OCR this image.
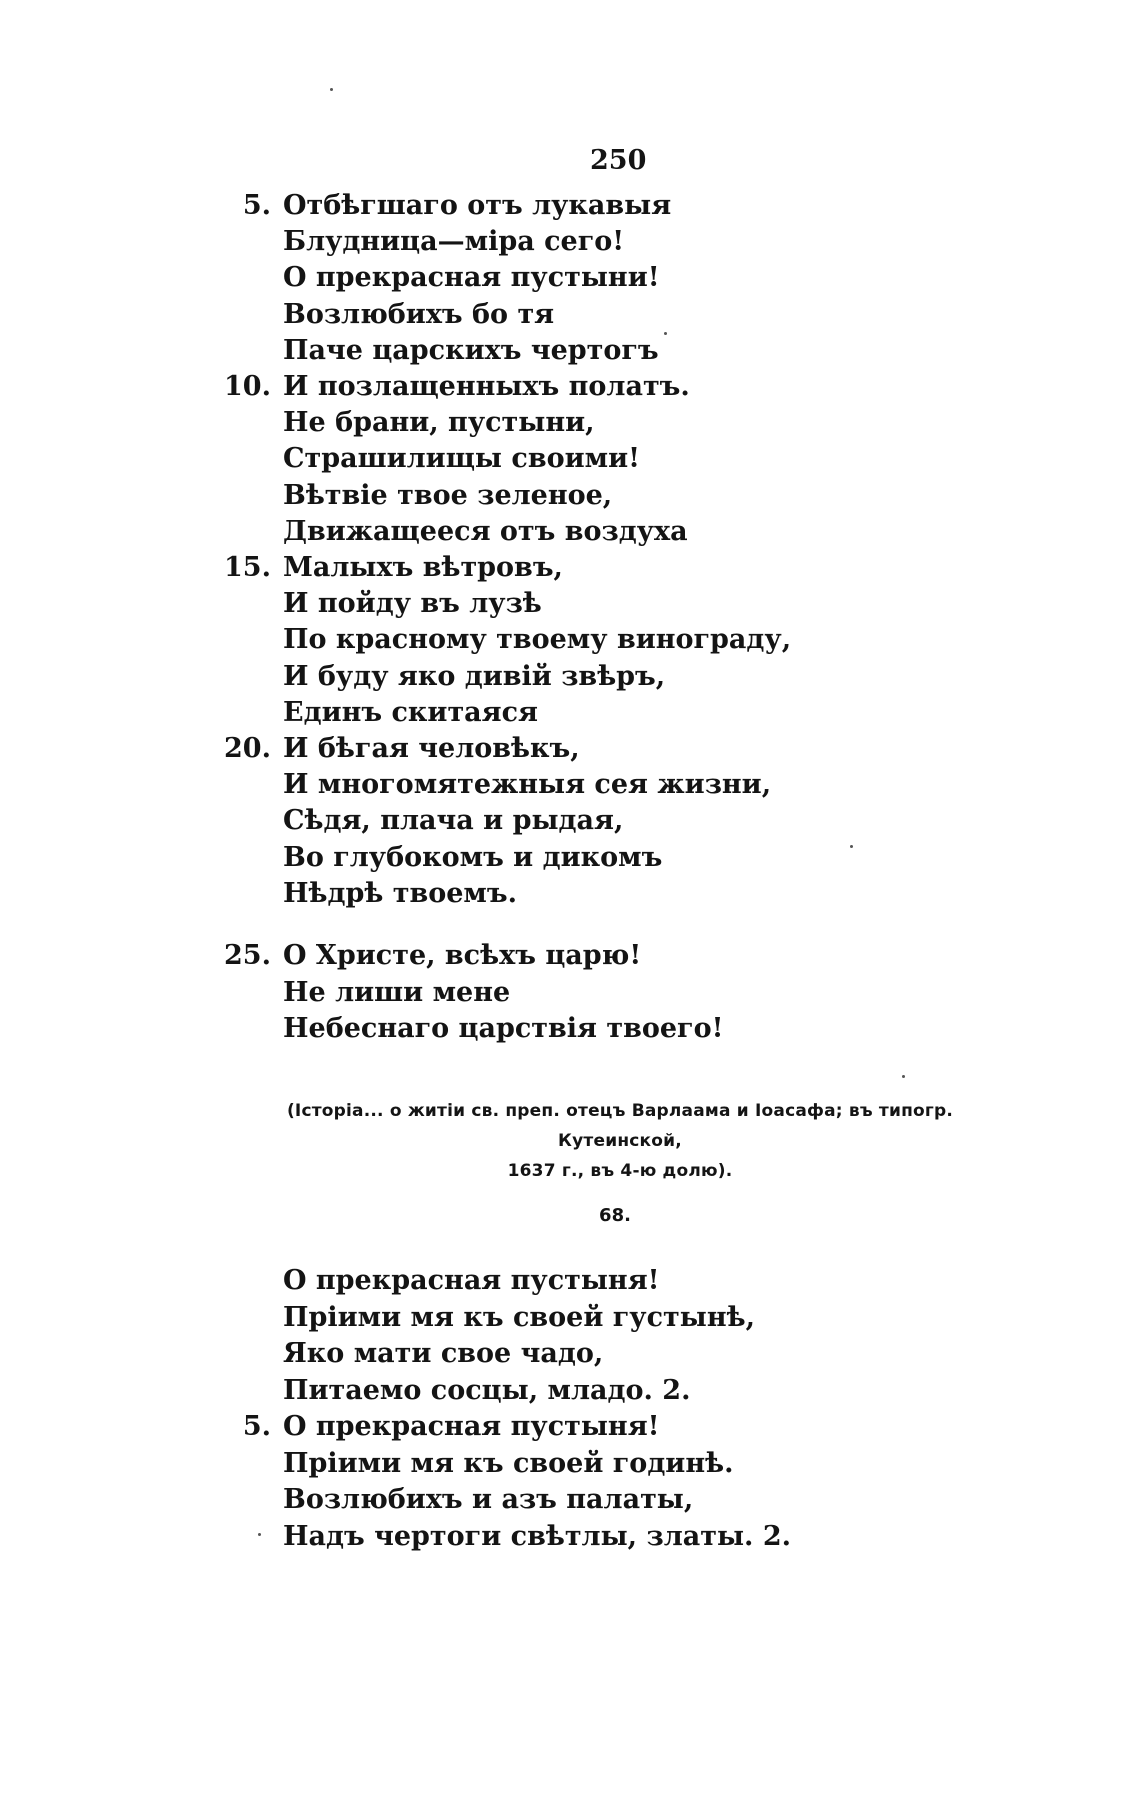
250
5. Отбѣгшаго отъ лукавыя
Блудница—міра сего!
О прекрасная пустыни!
Возлюбихъ бо тя
Паче царскихъ чертогъ
10. И позлащенныхъ полатъ.
Не брани, пустыни,
Страшилищы своими!
Вѣтвіе твое зеленое,
Движащееся отъ воздуха
15. Малыхъ вѣтровъ,
И пойду въ лузѣ
По красному твоему винограду,
И буду яко дивій звѣръ,
Единъ скитаяся
20. И бѣгая человѣкъ,
И многомятежныя сея жизни,
Сѣдя, плача и рыдая,
Во глубокомъ и дикомъ
Нѣдрѣ твоемъ.
25. О Христе, всѣхъ царю!
Не лиши мене
Небеснаго царствія твоего!
(Історіа... о житіи св. преп. отецъ Варлаама и Іоасафа; въ типогр. Кутеинской,
1637 г., въ 4-ю долю).
68.
О прекрасная пустыня!
Пріими мя къ своей густынѣ,
Яко мати свое чадо,
Питаемо сосцы, младо. 2.
5. О прекрасная пустыня!
Пріими мя къ своей годинѣ.
Возлюбихъ и азъ палаты,
Надъ чертоги свѣтлы, златы. 2.
